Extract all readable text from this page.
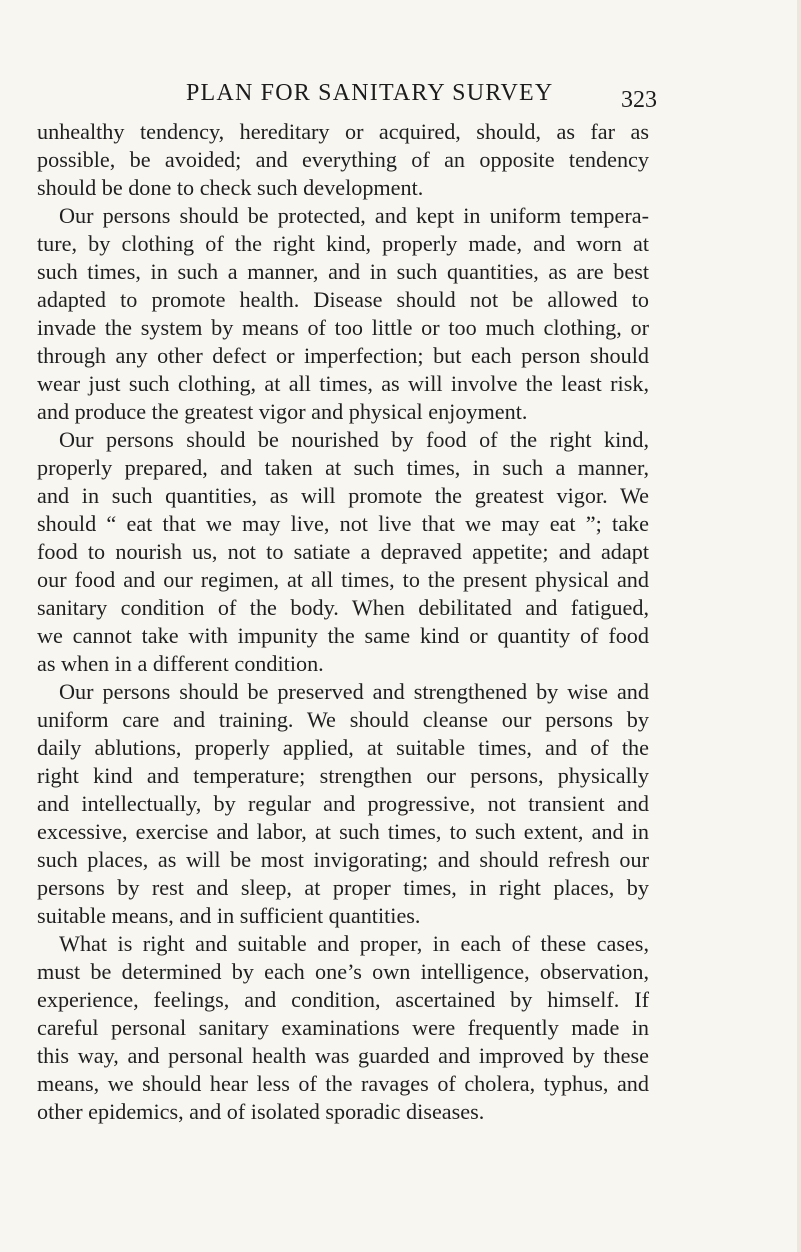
PLAN FOR SANITARY SURVEY	323
unhealthy tendency, hereditary or acquired, should, as far as
possible, be avoided; and everything of an opposite tendency
should be done to check such development.
Our persons should be protected, and kept in uniform tempera-
ture, by clothing of the right kind, properly made, and worn at
such times, in such a manner, and in such quantities, as are best
adapted to promote health. Disease should not be allowed to
invade the system by means of too little or too much clothing, or
through any other defect or imperfection; but each person should
wear just such clothing, at all times, as will involve the least risk,
and produce the greatest vigor and physical enjoyment.
Our persons should be nourished by food of the right kind,
properly prepared, and taken at such times, in such a manner,
and in such quantities, as will promote the greatest vigor. We
should “ eat that we may live, not live that we may eat ”; take
food to nourish us, not to satiate a depraved appetite; and adapt
our food and our regimen, at all times, to the present physical and
sanitary condition of the body. When debilitated and fatigued,
we cannot take with impunity the same kind or quantity of food
as when in a different condition.
Our persons should be preserved and strengthened by wise and
uniform care and training. We should cleanse our persons by
daily ablutions, properly applied, at suitable times, and of the
right kind and temperature; strengthen our persons, physically
and intellectually, by regular and progressive, not transient and
excessive, exercise and labor, at such times, to such extent, and in
such places, as will be most invigorating; and should refresh our
persons by rest and sleep, at proper times, in right places, by
suitable means, and in sufficient quantities.
What is right and suitable and proper, in each of these cases,
must be determined by each one’s own intelligence, observation,
experience, feelings, and condition, ascertained by himself. If
careful personal sanitary examinations were frequently made in
this way, and personal health was guarded and improved by these
means, we should hear less of the ravages of cholera, typhus, and
other epidemics, and of isolated sporadic diseases.
